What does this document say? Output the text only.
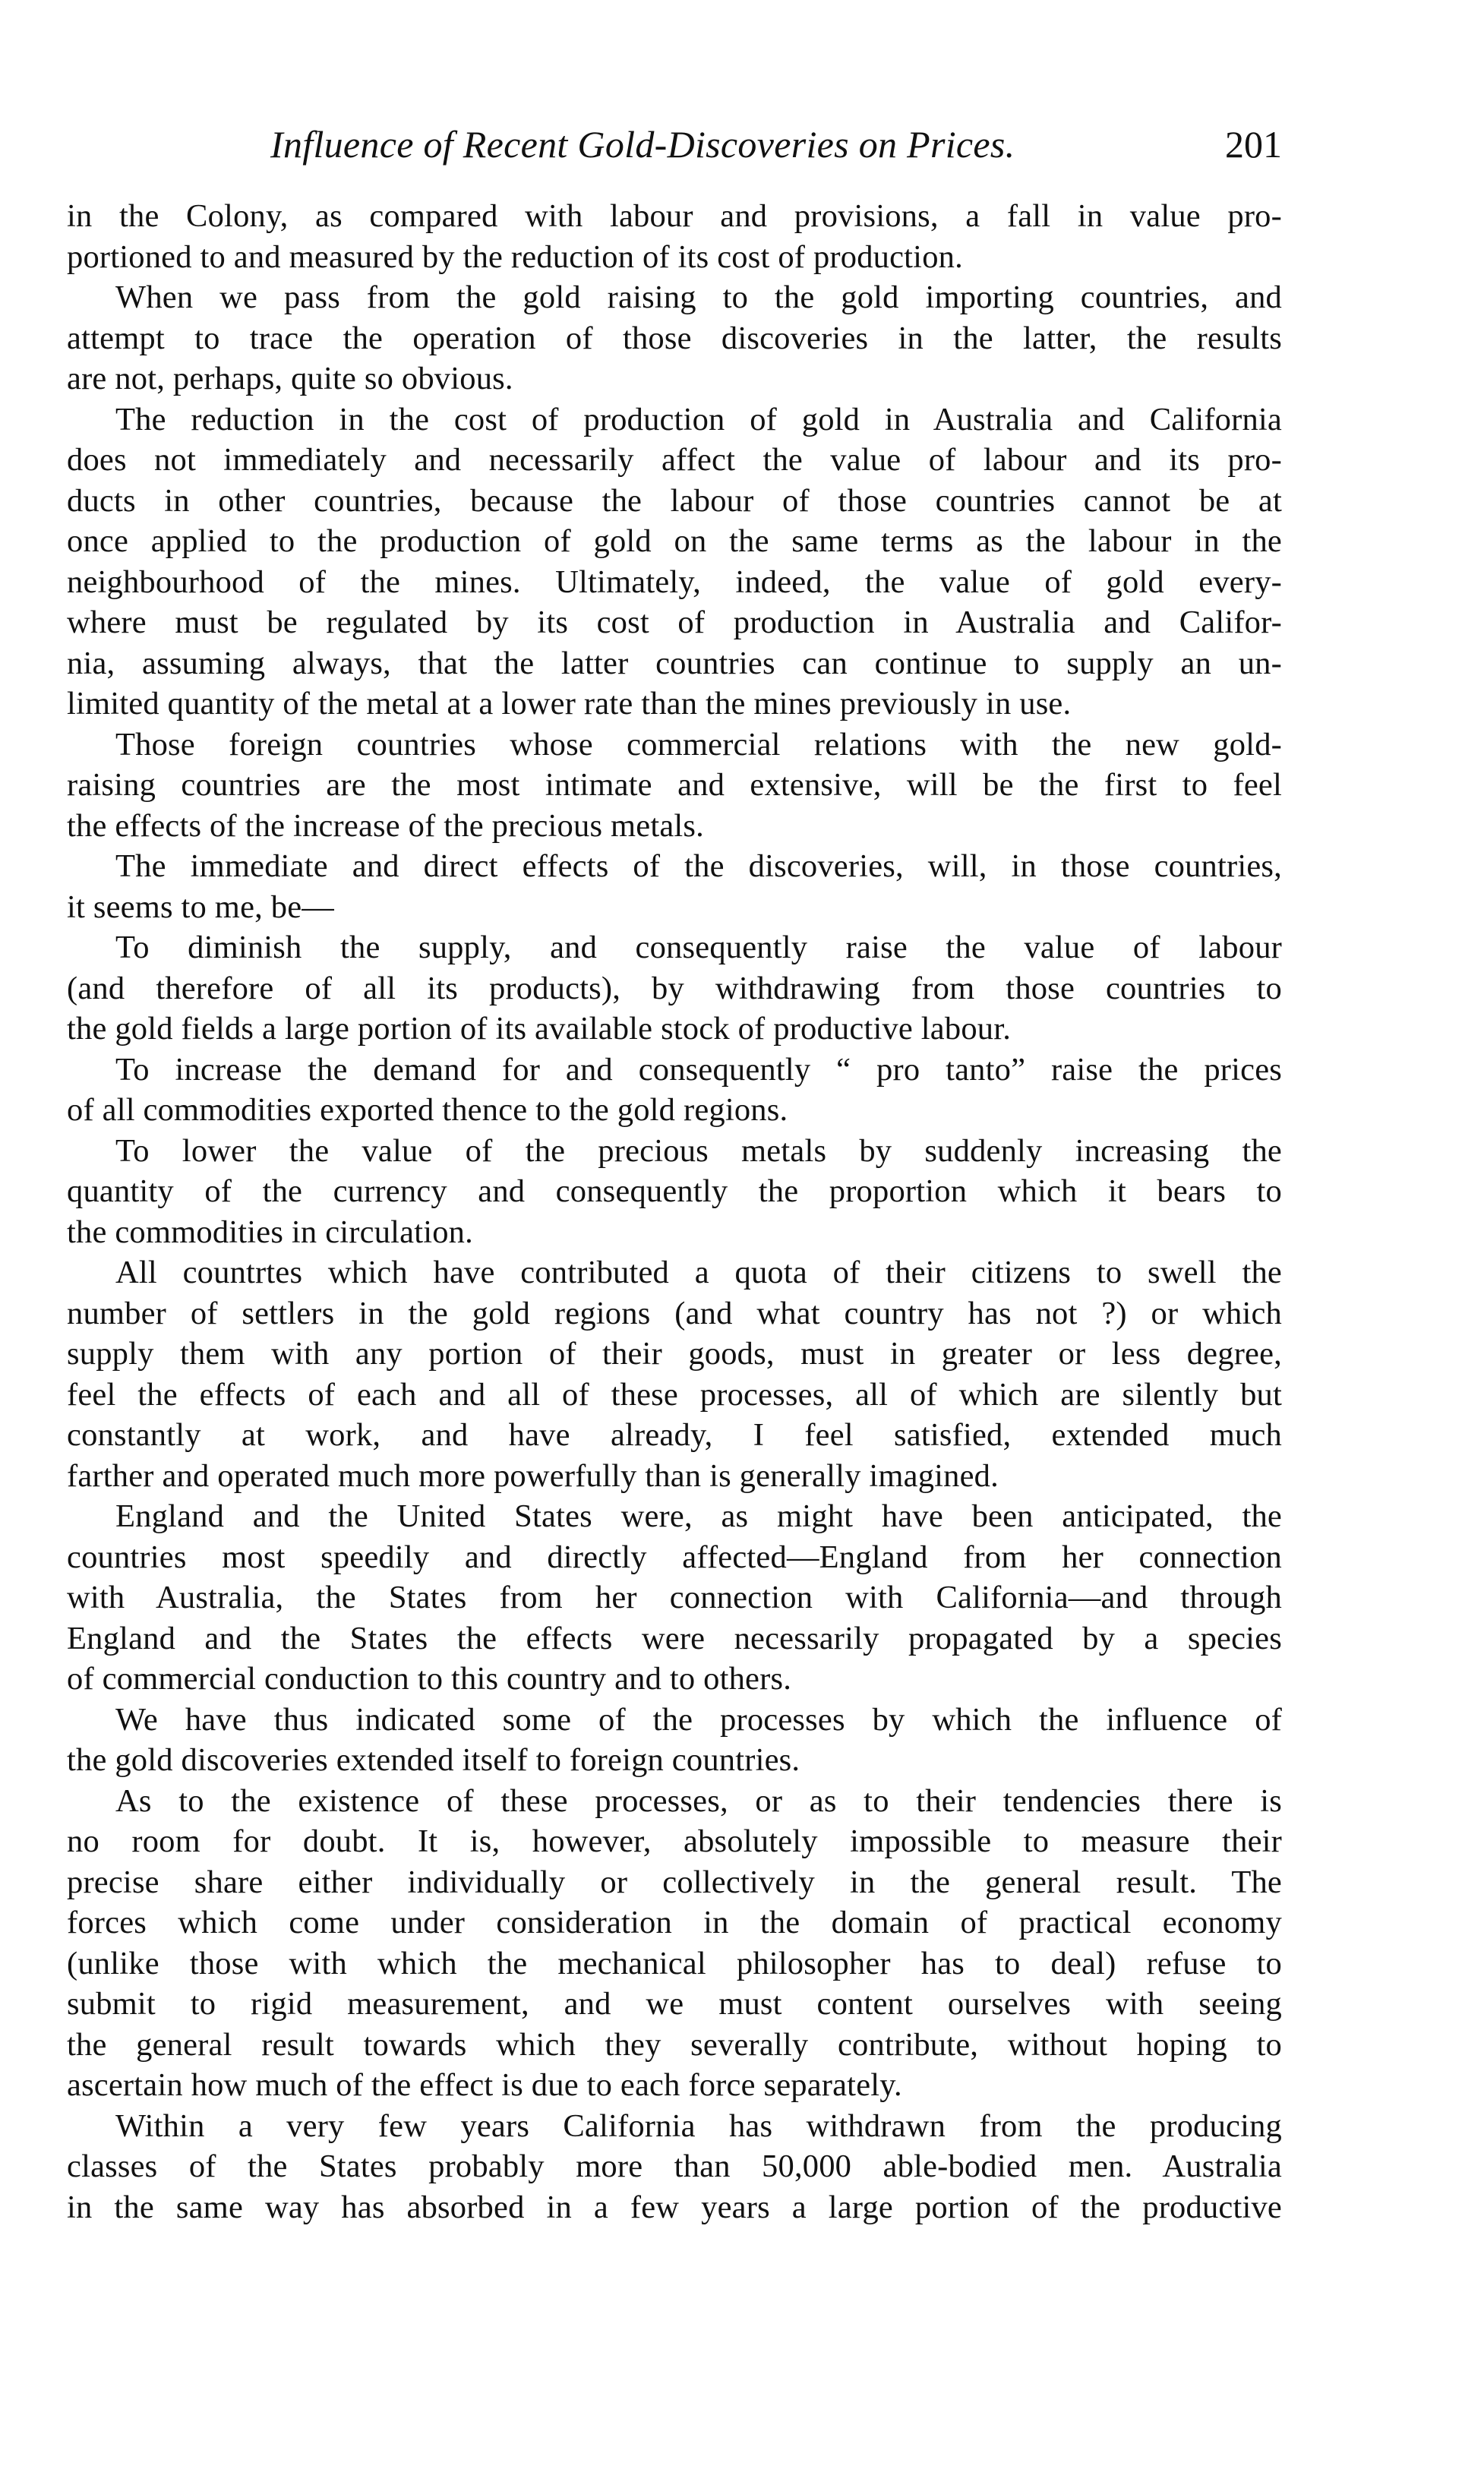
Influence of Recent Gold-Discoveries on Prices.	201
in the Colony, as compared with labour and provisions, a fall in value pro-
portioned to and measured by the reduction of its cost of production.
When we pass from the gold raising to the gold importing countries, and
attempt to trace the operation of those discoveries in the latter, the results
are not, perhaps, quite so obvious.
The reduction in the cost of production of gold in Australia and California
does not immediately and necessarily affect the value of labour and its pro-
ducts in other countries, because the labour of those countries cannot be at
once applied to the production of gold on the same terms as the labour in the
neighbourhood of the mines. Ultimately, indeed, the value of gold every-
where must be regulated by its cost of production in Australia and Califor-
nia, assuming always, that the latter countries can continue to supply an un-
limited quantity of the metal at a lower rate than the mines previously in use.
Those foreign countries whose commercial relations with the new gold-
raising countries are the most intimate and extensive, will be the first to feel
the effects of the increase of the precious metals.
The immediate and direct effects of the discoveries, will, in those countries,
it seems to me, be—
To diminish the supply, and consequently raise the value of labour
(and therefore of all its products), by withdrawing from those countries to
the gold fields a large portion of its available stock of productive labour.
To increase the demand for and consequently “ pro tanto” raise the prices
of all commodities exported thence to the gold regions.
To lower the value of the precious metals by suddenly increasing the
quantity of the currency and consequently the proportion which it bears to
the commodities in circulation.
All countrtes which have contributed a quota of their citizens to swell the
number of settlers in the gold regions (and what country has not ?) or which
supply them with any portion of their goods, must in greater or less degree,
feel the effects of each and all of these processes, all of which are silently but
constantly at work, and have already, I feel satisfied, extended much
farther and operated much more powerfully than is generally imagined.
England and the United States were, as might have been anticipated, the
countries most speedily and directly affected—England from her connection
with Australia, the States from her connection with California—and through
England and the States the effects were necessarily propagated by a species
of commercial conduction to this country and to others.
We have thus indicated some of the processes by which the influence of
the gold discoveries extended itself to foreign countries.
As to the existence of these processes, or as to their tendencies there is
no room for doubt. It is, however, absolutely impossible to measure their
precise share either individually or collectively in the general result. The
forces which come under consideration in the domain of practical economy
(unlike those with which the mechanical philosopher has to deal) refuse to
submit to rigid measurement, and we must content ourselves with seeing
the general result towards which they severally contribute, without hoping to
ascertain how much of the effect is due to each force separately.
Within a very few years California has withdrawn from the producing
classes of the States probably more than 50,000 able-bodied men. Australia
in the same way has absorbed in a few years a large portion of the productive
